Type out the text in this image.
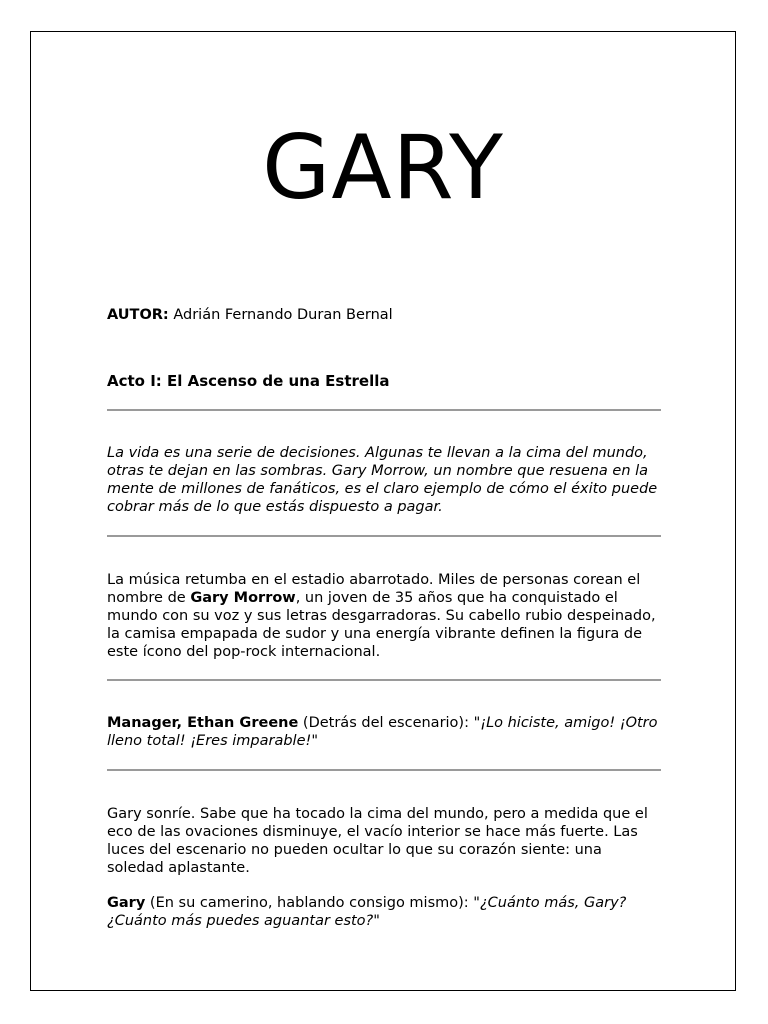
GARY

AUTOR: Adrián Fernando Duran Bernal

Acto I: El Ascenso de una Estrella

La vida es una serie de decisiones. Algunas te llevan a la cima del mundo, otras te dejan en las sombras. Gary Morrow, un nombre que resuena en la mente de millones de fanáticos, es el claro ejemplo de cómo el éxito puede cobrar más de lo que estás dispuesto a pagar.

La música retumba en el estadio abarrotado. Miles de personas corean el nombre de Gary Morrow, un joven de 35 años que ha conquistado el mundo con su voz y sus letras desgarradoras. Su cabello rubio despeinado, la camisa empapada de sudor y una energía vibrante definen la figura de este ícono del pop-rock internacional.

Manager, Ethan Greene (Detrás del escenario): "¡Lo hiciste, amigo! ¡Otro lleno total! ¡Eres imparable!"

Gary sonríe. Sabe que ha tocado la cima del mundo, pero a medida que el eco de las ovaciones disminuye, el vacío interior se hace más fuerte. Las luces del escenario no pueden ocultar lo que su corazón siente: una soledad aplastante.

Gary (En su camerino, hablando consigo mismo): "¿Cuánto más, Gary? ¿Cuánto más puedes aguantar esto?"
